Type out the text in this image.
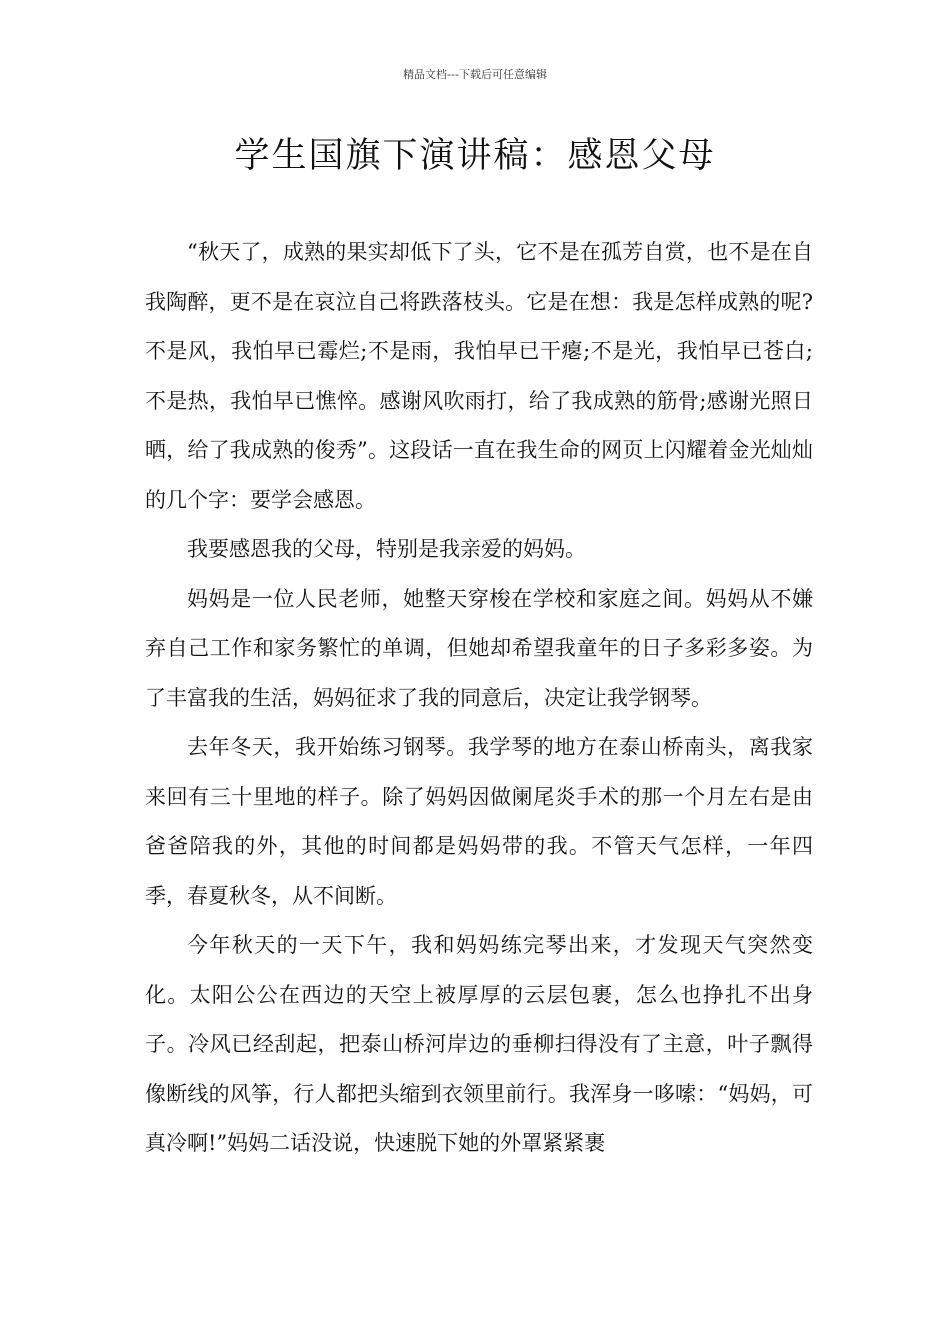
精品文档---下载后可任意编辑
学生国旗下演讲稿：感恩父母

“秋天了，成熟的果实却低下了头，它不是在孤芳自赏，也不是在自我陶醉，更不是在哀泣自己将跌落枝头。它是在想：我是怎样成熟的呢?不是风，我怕早已霉烂;不是雨，我怕早已干瘪;不是光，我怕早已苍白;不是热，我怕早已憔悴。感谢风吹雨打，给了我成熟的筋骨;感谢光照日晒，给了我成熟的俊秀”。这段话一直在我生命的网页上闪耀着金光灿灿的几个字：要学会感恩。

我要感恩我的父母，特别是我亲爱的妈妈。

妈妈是一位人民老师，她整天穿梭在学校和家庭之间。妈妈从不嫌弃自己工作和家务繁忙的单调，但她却希望我童年的日子多彩多姿。为了丰富我的生活，妈妈征求了我的同意后，决定让我学钢琴。

去年冬天，我开始练习钢琴。我学琴的地方在泰山桥南头，离我家来回有三十里地的样子。除了妈妈因做阑尾炎手术的那一个月左右是由爸爸陪我的外，其他的时间都是妈妈带的我。不管天气怎样，一年四季，春夏秋冬，从不间断。

今年秋天的一天下午，我和妈妈练完琴出来，才发现天气突然变化。太阳公公在西边的天空上被厚厚的云层包裹，怎么也挣扎不出身子。冷风已经刮起，把泰山桥河岸边的垂柳扫得没有了主意，叶子飘得像断线的风筝，行人都把头缩到衣领里前行。我浑身一哆嗦：“妈妈，可真冷啊!”妈妈二话没说，快速脱下她的外罩紧紧裹
